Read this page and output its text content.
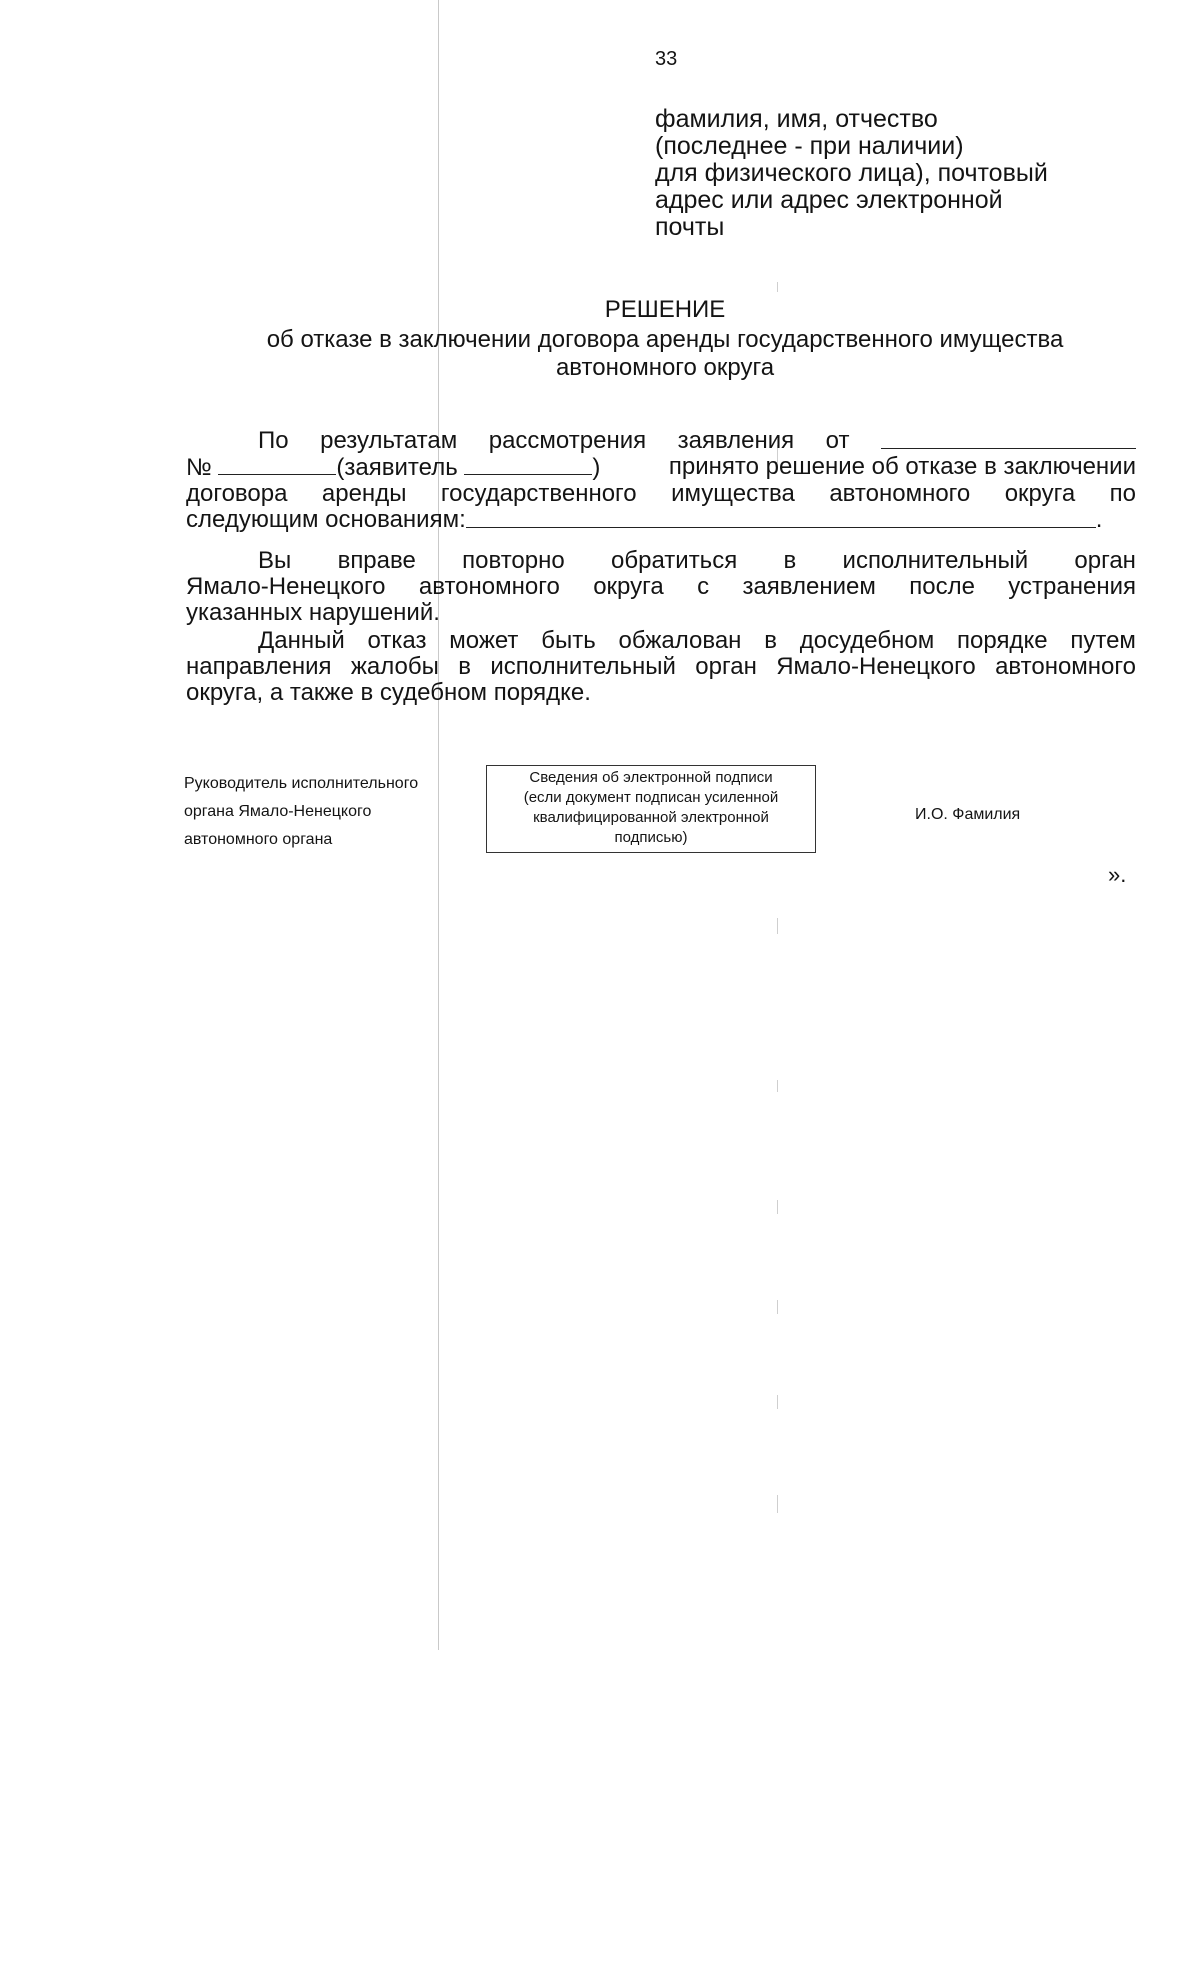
33
фамилия, имя, отчество
(последнее - при наличии)
для физического лица), почтовый
адрес или адрес электронной
почты
РЕШЕНИЕ
об отказе в заключении договора аренды государственного имущества
автономного округа
По результатам рассмотрения заявления от
№	(заявитель	)	принято решение об отказе в заключении
договора аренды государственного имущества автономного округа по
следующим основаниям:	.
Вы вправе повторно обратиться в исполнительный орган
Ямало-Ненецкого автономного округа с заявлением после устранения
указанных нарушений.
Данный отказ может быть обжалован в досудебном порядке путем
направления жалобы в исполнительный орган Ямало-Ненецкого автономного
округа, а также в судебном порядке.
Руководитель исполнительного
органа Ямало-Ненецкого
автономного органа
Сведения об электронной подписи
(если документ подписан усиленной
квалифицированной электронной
подписью)
И.О. Фамилия
».
